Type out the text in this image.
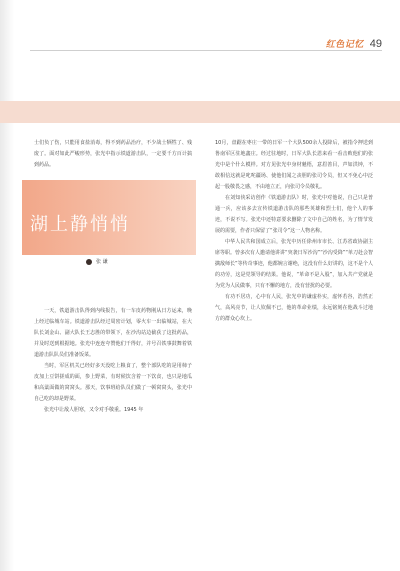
红色记忆 49

士们负了伤，只能用食盐消毒，得不到药品治疗，不少战士牺牲了、残废了。面对如此严峻形势，张光中指示铁道游击队，一定要千方百计搞到药品。

湖上静悄悄
张 谦

一天，铁道游击队得到内线报告，有一车皮药物刚从日方运来，晚上经过临城车站。铁道游击队经过周密计划，零火车一出临城站，在大队长刘金山、副大队长王志胜的带领下，在沙沟站边截获了这批药品，并及时送到根据地。张光中连连夸赞他们干得好，并号召铁事鼓舞着铁道游击队队员们准备饭菜。

当时，军区机关已经好多天没吃上粮食了，整个部队吃的是用柿子皮加上豆饼搓成的面，参上野菜，有时候饮含着一下饮食，也只是地瓜和高粱面做的窝窝头。那天，饮事班给队员们做了一顿窝窝头，张光中自己吃的却是野菜。

张光中让敌人胆寒，又令对手敬重。1945 年

10月，盘踞在枣庄一带的日军一个大队500余人投降后，被指令押送到鲁南军区驻地鑫庄。经过驻地时，日军大队长恩来看一看击败他们的张光中是个什么模样。对方见张光中身材魁梧，意眉善目，声如洪钟，不敢相信这就是叱咤疆场、使他们闻之丧胆的张司令员，但又不免心中泛起一股敬畏之感，不由地立正，向张司令员敬礼。

在刘知侠采访创作《铁道游击队》时，张光中对他说，自己只是普通一兵，应该多去宣传铁道游击队的那些英雄和烈士们，他个人的事迹，不说不写。张光中还特意要求删除了文中自己的姓名，为了情节发展的需要，作者只保留了“张司令”这一人物名称。

中华人民共和国成立后，张光中历任徐州市市长、江苏省政协副主席等职。曾多次有人邀请他讲讲“突袭日军沙沟”“沙沟受降”“单刀赴会智擒敌师长”等传奇事迹，他都婉言谢绝，这没有什么好讲的，这不是个人的功劳，这是党领导的结果。他说，“革命不是入股”，加入共产党就是为党为人民做事，只有不懈的地方，没有营扰的必要。

有功不居功，心中有人民，张光中的谦虚朴实，虚怀若谷，浩然正气，高风亮节，让人钦佩不已，他的革命业绩，永远铭刻在他战斗过地方的群众心坎上。
